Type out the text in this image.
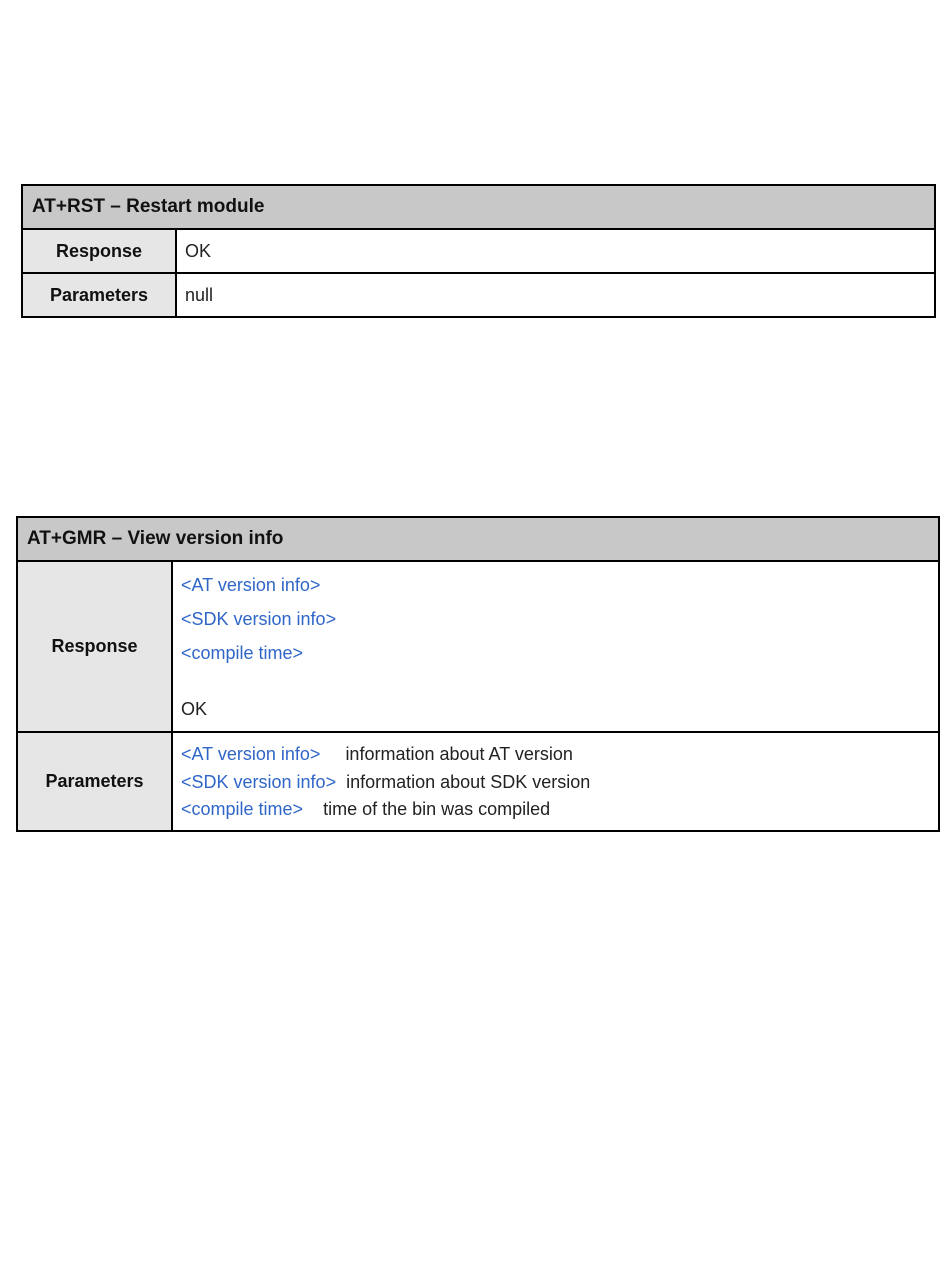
AT+RST – Restart module	
Response	OK
Parameters	null
AT+GMR – View version info	
Response	<AT version info>
<SDK version info>
<compile time>
OK

Parameters	<AT version info> information about AT version
<SDK version info> information about SDK version
<compile time> time of the bin was compiled
